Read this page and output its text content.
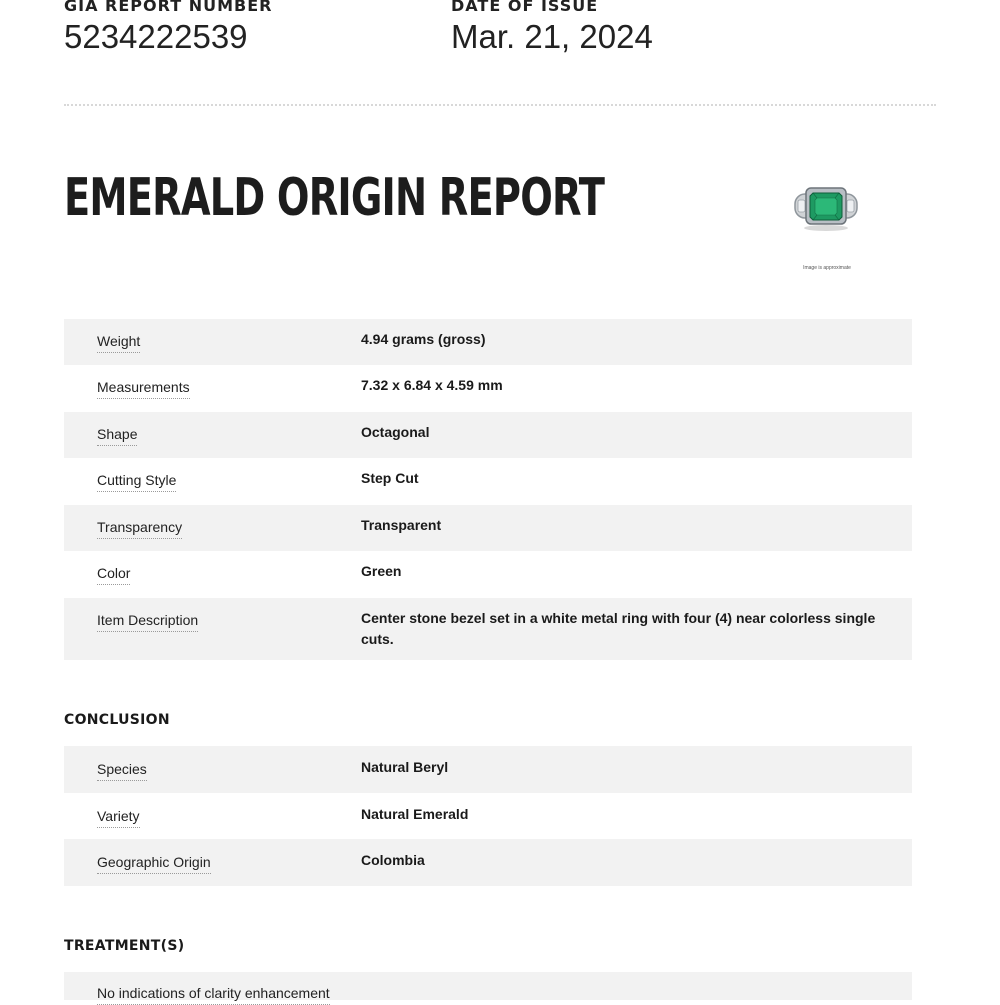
GIA REPORT NUMBER
5234222539
DATE OF ISSUE
Mar. 21, 2024
EMERALD ORIGIN REPORT
Image is approximate
Weight	4.94 grams (gross)
Measurements	7.32 x 6.84 x 4.59 mm
Shape	Octagonal
Cutting Style	Step Cut
Transparency	Transparent
Color	Green
Item Description	Center stone bezel set in a white metal ring with four (4) near colorless single cuts.
CONCLUSION
Species	Natural Beryl
Variety	Natural Emerald
Geographic Origin	Colombia
TREATMENT(S)
No indications of clarity enhancement
